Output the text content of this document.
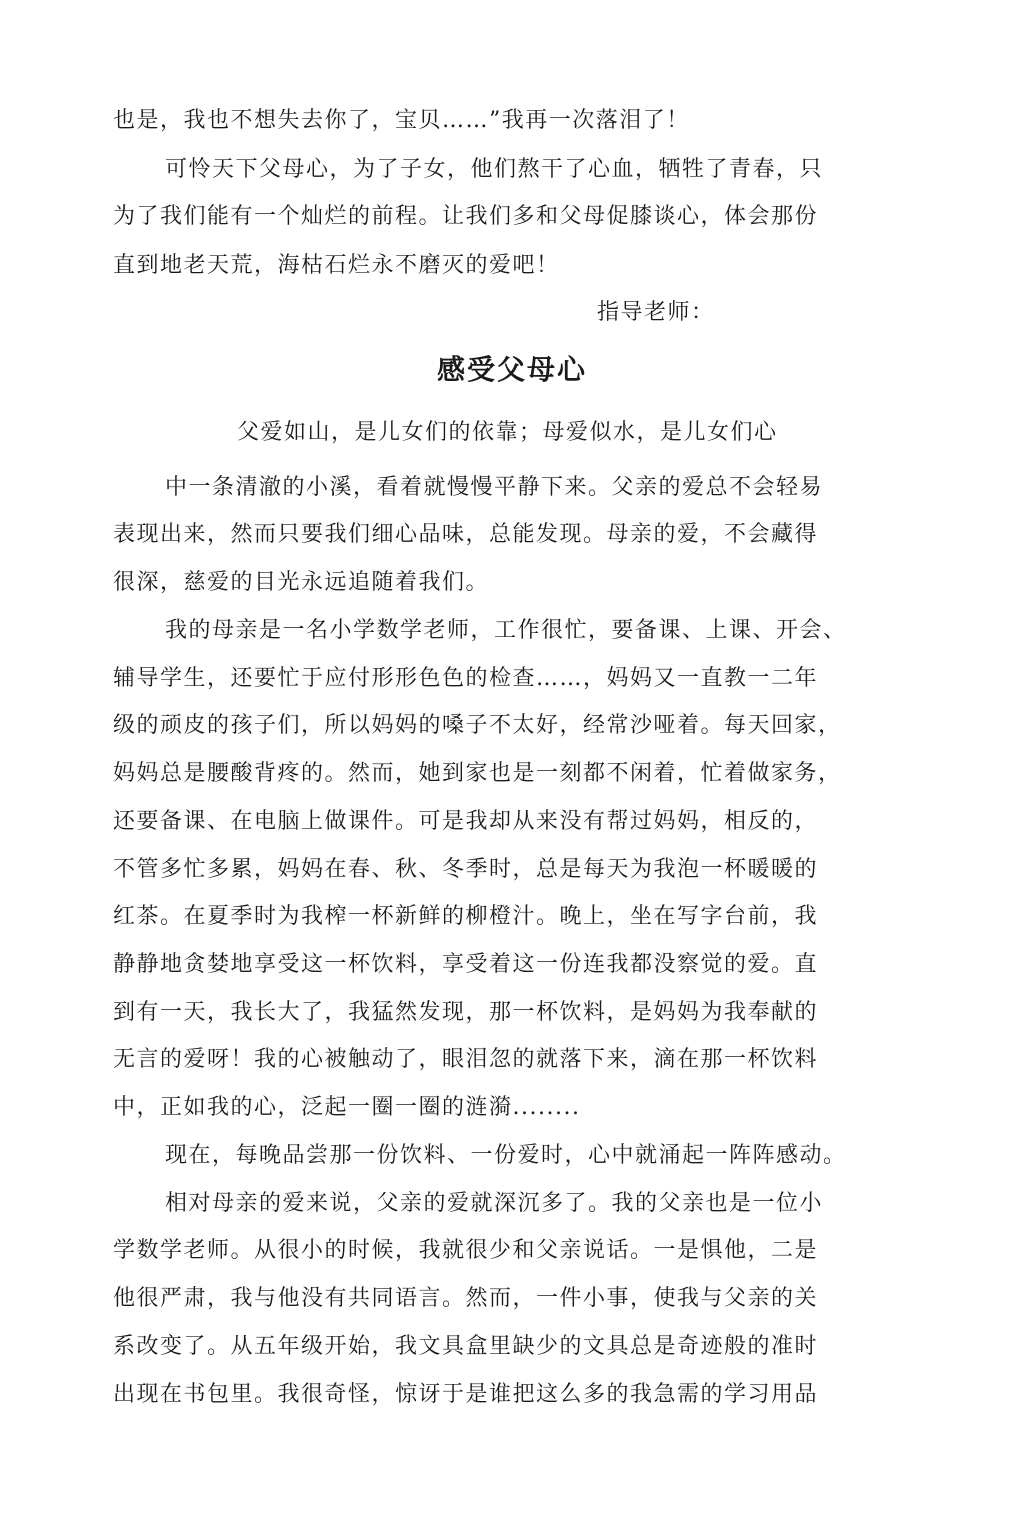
也是，我也不想失去你了，宝贝……”我再一次落泪了！
可怜天下父母心，为了子女，他们熬干了心血，牺牲了青春，只
为了我们能有一个灿烂的前程。让我们多和父母促膝谈心，体会那份
直到地老天荒，海枯石烂永不磨灭的爱吧！
指导老师：
感受父母心
父爱如山，是儿女们的依靠；母爱似水，是儿女们心
中一条清澈的小溪，看着就慢慢平静下来。父亲的爱总不会轻易
表现出来，然而只要我们细心品味，总能发现。母亲的爱，不会藏得
很深，慈爱的目光永远追随着我们。
我的母亲是一名小学数学老师，工作很忙，要备课、上课、开会、
辅导学生，还要忙于应付形形色色的检查……，妈妈又一直教一二年
级的顽皮的孩子们，所以妈妈的嗓子不太好，经常沙哑着。每天回家，
妈妈总是腰酸背疼的。然而，她到家也是一刻都不闲着，忙着做家务，
还要备课、在电脑上做课件。可是我却从来没有帮过妈妈，相反的，
不管多忙多累，妈妈在春、秋、冬季时，总是每天为我泡一杯暖暖的
红茶。在夏季时为我榨一杯新鲜的柳橙汁。晚上，坐在写字台前，我
静静地贪婪地享受这一杯饮料，享受着这一份连我都没察觉的爱。直
到有一天，我长大了，我猛然发现，那一杯饮料，是妈妈为我奉献的
无言的爱呀！我的心被触动了，眼泪忽的就落下来，滴在那一杯饮料
中，正如我的心，泛起一圈一圈的涟漪........
现在，每晚品尝那一份饮料、一份爱时，心中就涌起一阵阵感动。
相对母亲的爱来说，父亲的爱就深沉多了。我的父亲也是一位小
学数学老师。从很小的时候，我就很少和父亲说话。一是惧他，二是
他很严肃，我与他没有共同语言。然而，一件小事，使我与父亲的关
系改变了。从五年级开始，我文具盒里缺少的文具总是奇迹般的准时
出现在书包里。我很奇怪，惊讶于是谁把这么多的我急需的学习用品
